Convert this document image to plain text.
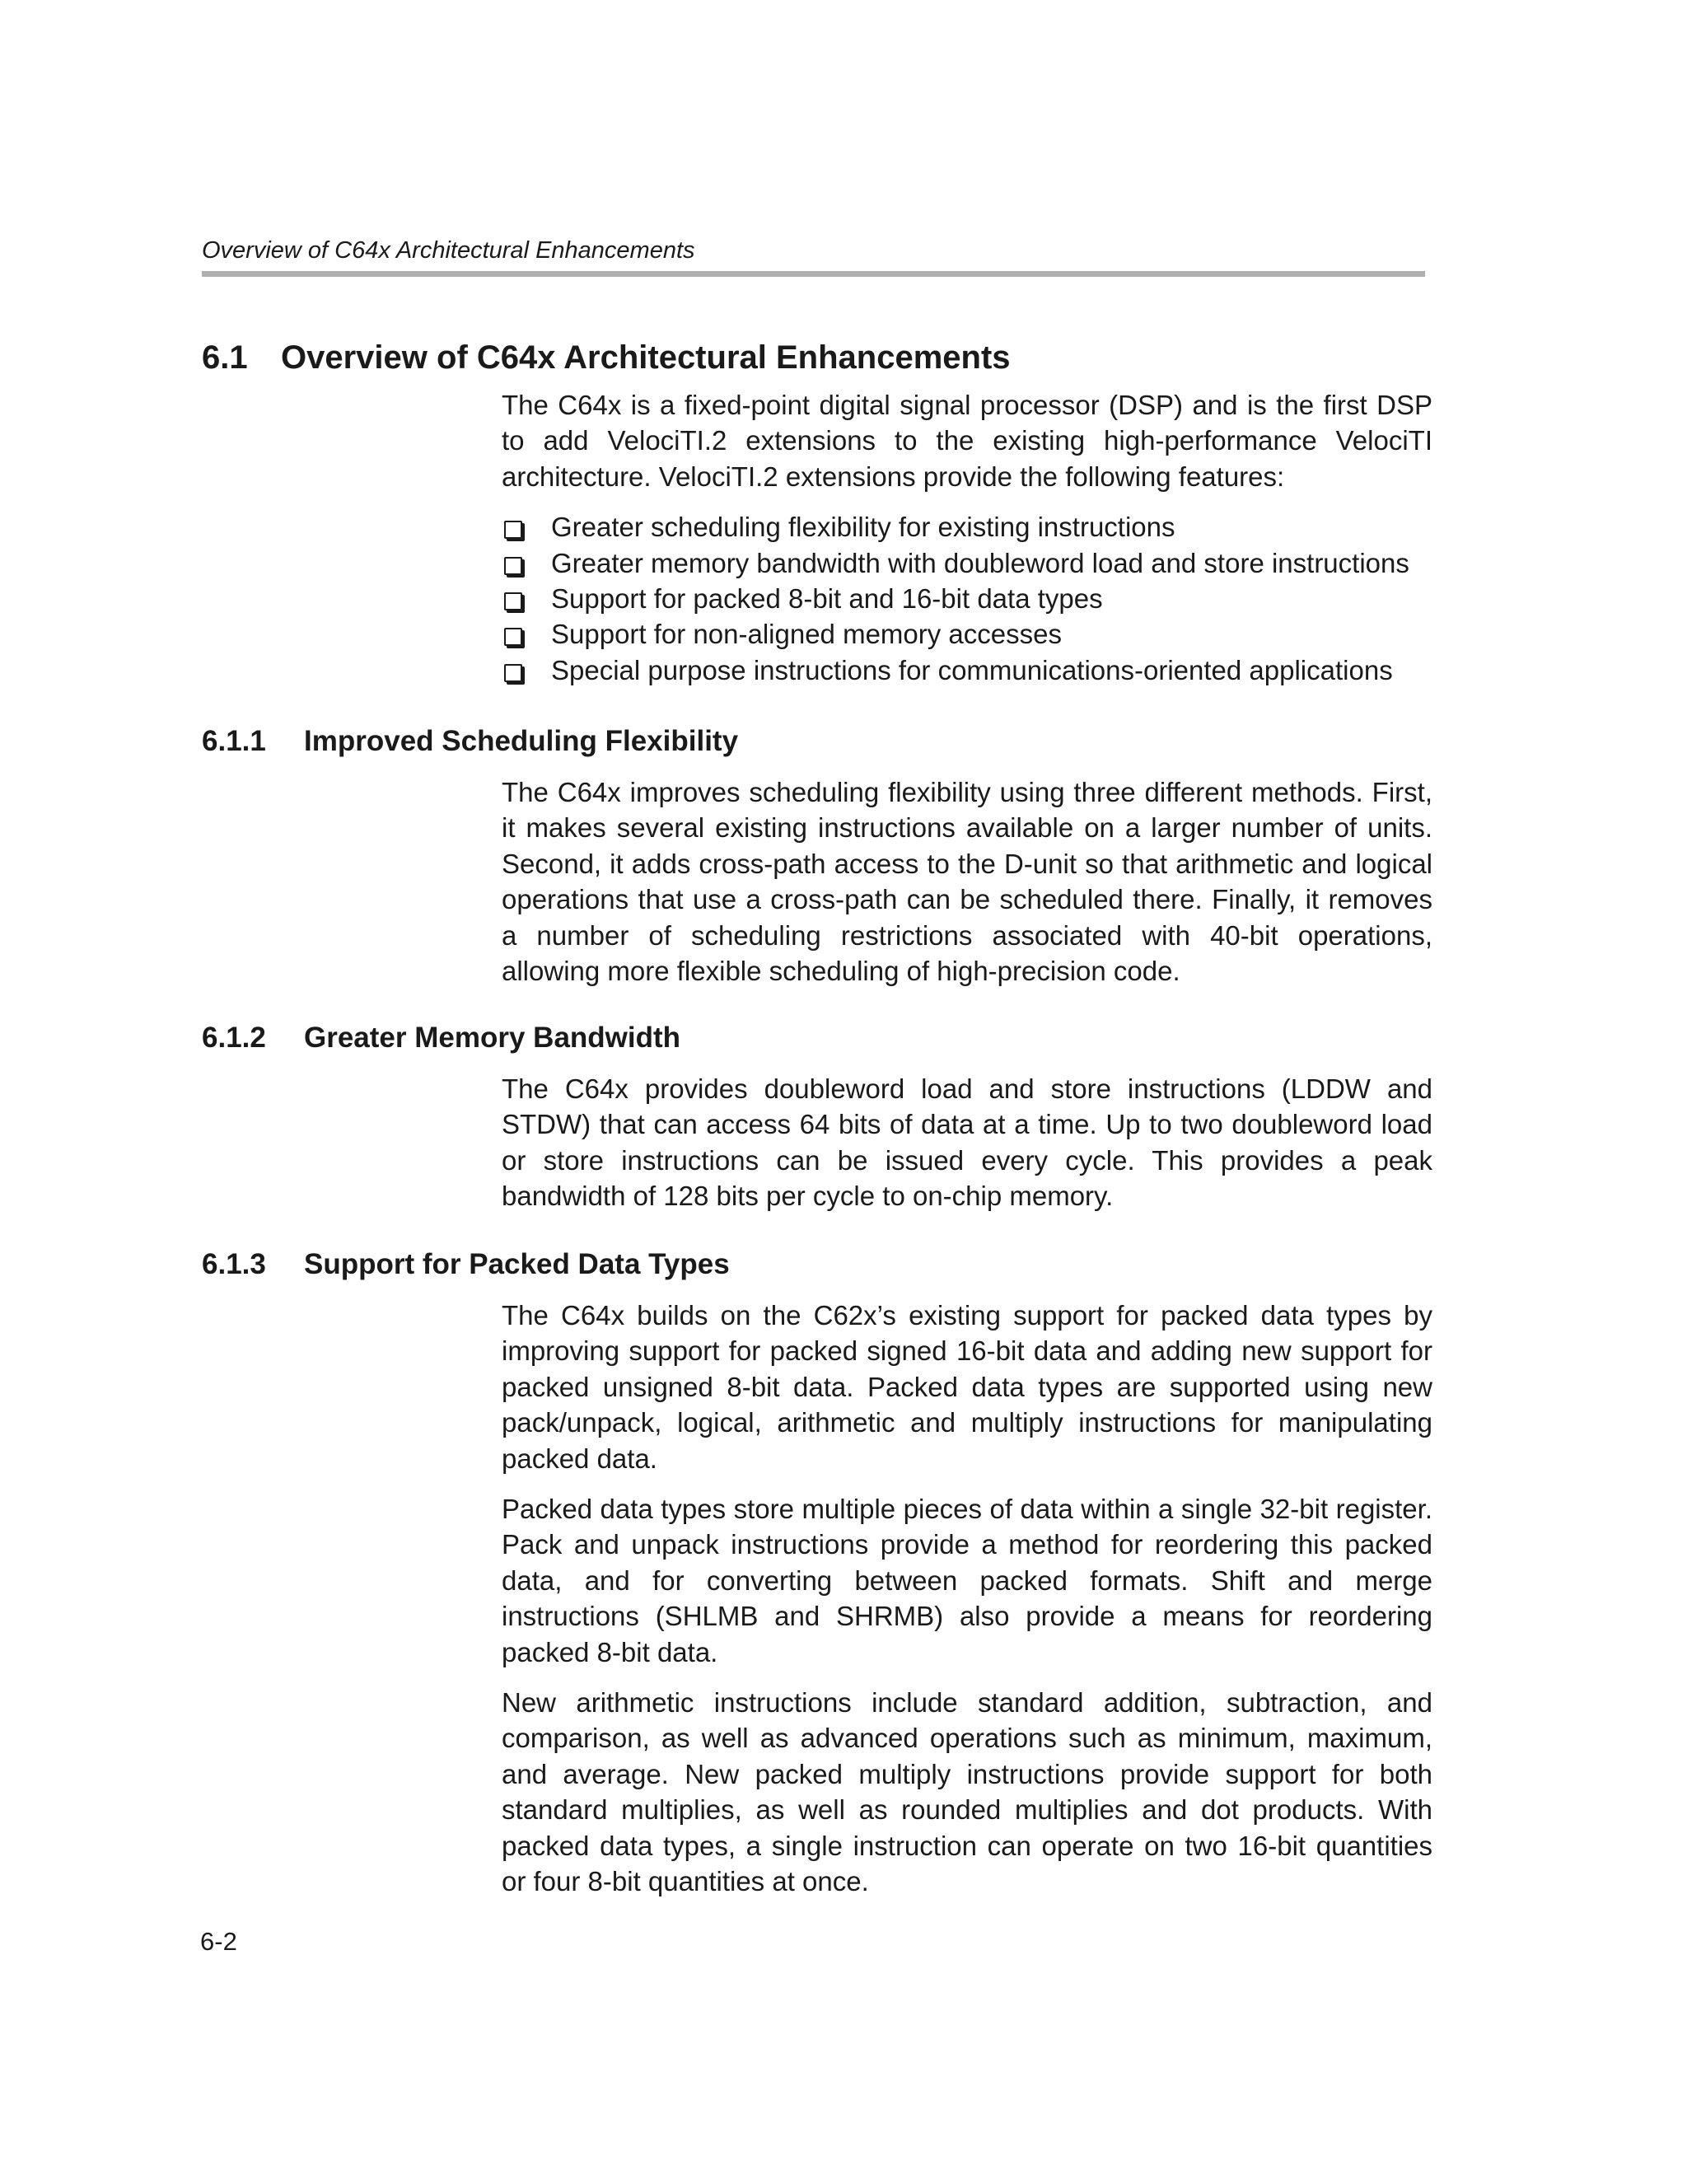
Overview of C64x Architectural Enhancements
6.1 Overview of C64x Architectural Enhancements

The C64x is a fixed-point digital signal processor (DSP) and is the first DSP to add VelociTI.2 extensions to the existing high-performance VelociTI architecture. VelociTI.2 extensions provide the following features:

Greater scheduling flexibility for existing instructions
Greater memory bandwidth with doubleword load and store instructions
Support for packed 8-bit and 16-bit data types
Support for non-aligned memory accesses
Special purpose instructions for communications-oriented applications
6.1.1 Improved Scheduling Flexibility

The C64x improves scheduling flexibility using three different methods. First, it makes several existing instructions available on a larger number of units. Second, it adds cross-path access to the D-unit so that arithmetic and logical operations that use a cross-path can be scheduled there. Finally, it removes a number of scheduling restrictions associated with 40-bit operations, allowing more flexible scheduling of high-precision code.

6.1.2 Greater Memory Bandwidth

The C64x provides doubleword load and store instructions (LDDW and STDW) that can access 64 bits of data at a time. Up to two doubleword load or store instructions can be issued every cycle. This provides a peak bandwidth of 128 bits per cycle to on-chip memory.

6.1.3 Support for Packed Data Types

The C64x builds on the C62x’s existing support for packed data types by improving support for packed signed 16-bit data and adding new support for packed unsigned 8-bit data. Packed data types are supported using new pack/unpack, logical, arithmetic and multiply instructions for manipulating packed data.

Packed data types store multiple pieces of data within a single 32-bit register. Pack and unpack instructions provide a method for reordering this packed data, and for converting between packed formats. Shift and merge instructions (SHLMB and SHRMB) also provide a means for reordering packed 8-bit data.

New arithmetic instructions include standard addition, subtraction, and comparison, as well as advanced operations such as minimum, maximum, and average. New packed multiply instructions provide support for both standard multiplies, as well as rounded multiplies and dot products. With packed data types, a single instruction can operate on two 16-bit quantities or four 8-bit quantities at once.

6-2
